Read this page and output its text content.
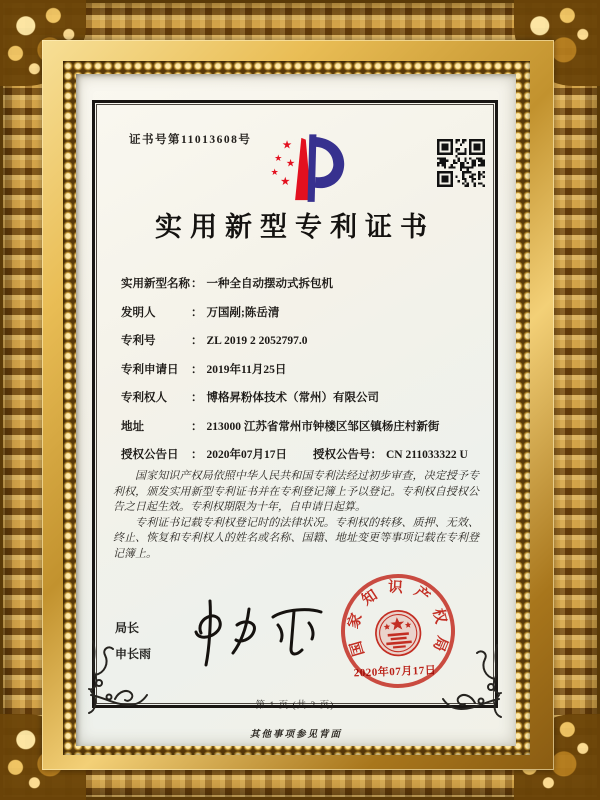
证书号第11013608号 ★
★
★
★
★
实用新型专利证书
实用新型名称： 一种全自动摆动式拆包机
发明人	： 万国剐;陈岳清
专利号	： ZL 2019 2 2052797.0
专利申请日 ： 2019年11月25日
专利权人 ： 博格昇粉体技术（常州）有限公司
地址	： 213000 江苏省常州市钟楼区邹区镇杨庄村新街
授权公告日 ： 2020年07月17日 授权公告号： CN 211033322 U

国家知识产权局依照中华人民共和国专利法经过初步审查，决定授予专利权，颁发实用新型专利证书并在专利登记簿上予以登记。专利权自授权公告之日起生效。专利权期限为十年，自申请日起算。

专利证书记载专利权登记时的法律状况。专利权的转移、质押、无效、终止、恢复和专利权人的姓名或名称、国籍、地址变更等事项记载在专利登记簿上。

局长
申长雨	国家知识产权局
2020年07月17日
第 1 页 (共 2 页)
其他事项参见背面
